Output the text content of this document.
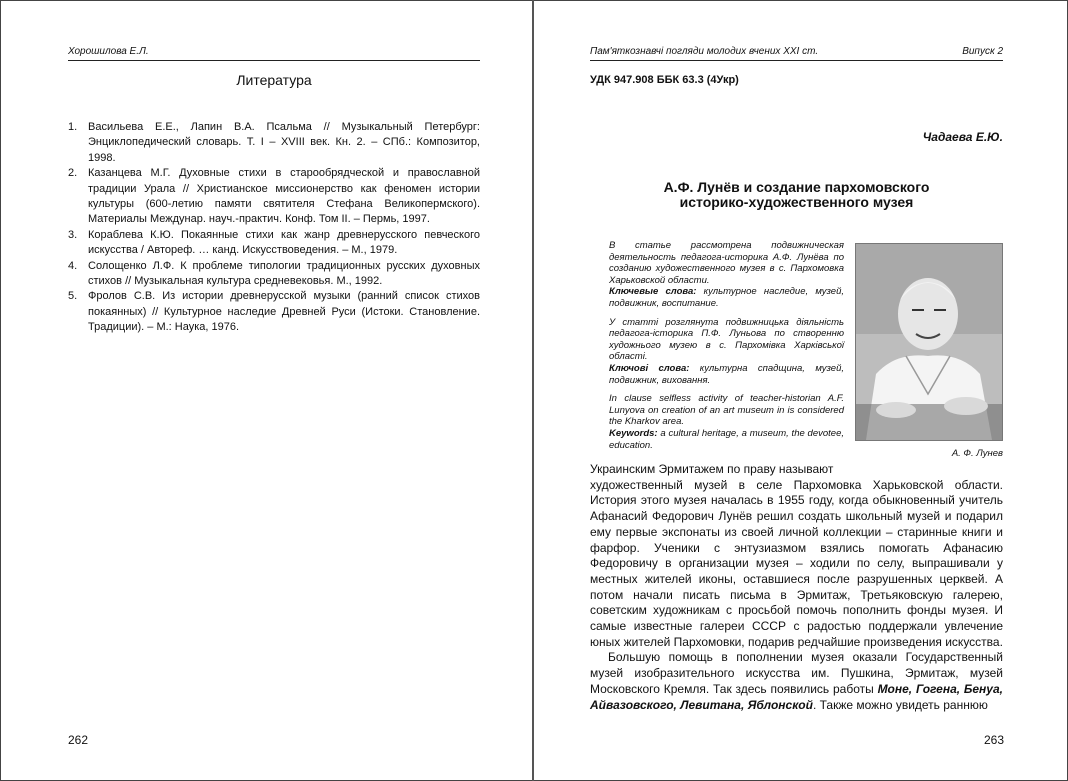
Хорошилова Е.Л.
Литература
1. Васильева Е.Е., Лапин В.А. Псальма // Музыкальный Петербург: Энциклопедический словарь. Т. I – XVIII век. Кн. 2. – СПб.: Композитор, 1998.
2. Казанцева М.Г. Духовные стихи в старообрядческой и православной традиции Урала // Христианское миссионерство как феномен истории культуры (600-летию памяти святителя Стефана Великопермского). Материалы Междунар. науч.-практич. Конф. Том II. – Пермь, 1997.
3. Кораблева К.Ю. Покаянные стихи как жанр древнерусского певческого искусства / Автореф. … канд. Искусствоведения. – М., 1979.
4. Солощенко Л.Ф. К проблеме типологии традиционных русских духовных стихов // Музыкальная культура средневековья. М., 1992.
5. Фролов С.В. Из истории древнерусской музыки (ранний список стихов покаянных) // Культурное наследие Древней Руси (Истоки. Становление. Традиции). – М.: Наука, 1976.
262
Пам'яткознавчі погляди молодих вчених XXI ст.	Випуск 2
УДК 947.908 ББК 63.3 (4Укр)
Чадаева Е.Ю.
А.Ф. Лунёв и создание пархомовского
историко-художественного музея

В статье рассмотрена подвижническая деятельность педагога-историка А.Ф. Лунёва по созданию художественного музея в с. Пархомовка Харьковской области.
Ключевые слова: культурное наследие, музей, подвижник, воспитание.

У статті розглянута подвижницька діяльність педагога-історика П.Ф. Луньова по створенню художнього музею в с. Пархомівка Харківської області.
Ключові слова: культурна спадщина, музей, подвижник, виховання.

In clause selfless activity of teacher-historian A.F. Lunyova on creation of an art museum in is considered the Kharkov area.
Keywords: a cultural heritage, a museum, the devotee, education.

А. Ф. Лунев

Украинским Эрмитажем по праву называют

художественный музей в селе Пархомовка Харьковской области. История этого музея началась в 1955 году, когда обыкновенный учитель Афанасий Федорович Лунёв решил создать школьный музей и подарил ему первые экспонаты из своей личной коллекции – старинные книги и фарфор. Ученики с энтузиазмом взялись помогать Афанасию Федоровичу в организации музея – ходили по селу, выпрашивали у местных жителей иконы, оставшиеся после разрушенных церквей. А потом начали писать письма в Эрмитаж, Третьяковскую галерею, советским художникам с просьбой помочь пополнить фонды музея. И самые известные галереи СССР с радостью поддержали увлечение юных жителей Пархомовки, подарив редчайшие произведения искусства.

Большую помощь в пополнении музея оказали Государственный музей изобразительного искусства им. Пушкина, Эрмитаж, музей Московского Кремля. Так здесь появились работы Моне, Гогена, Бенуа, Айвазовского, Левитана, Яблонской. Также можно увидеть раннюю

263
